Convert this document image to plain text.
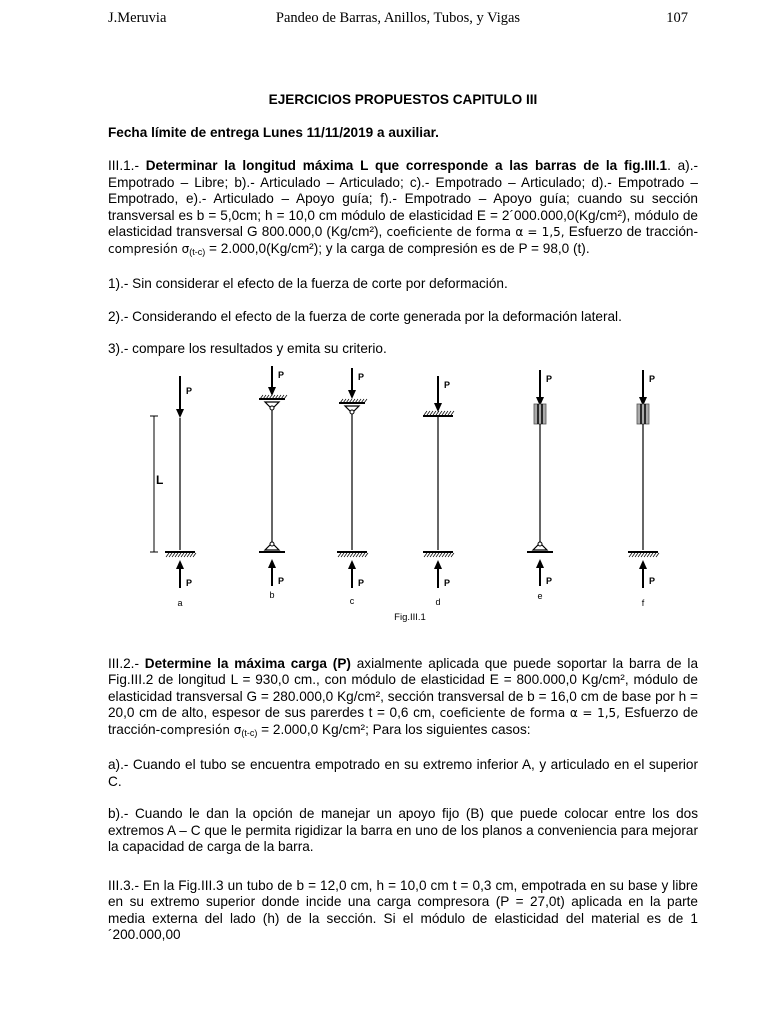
J.Meruvia	Pandeo de Barras, Anillos, Tubos, y Vigas	107

EJERCICIOS PROPUESTOS CAPITULO III

Fecha límite de entrega Lunes 11/11/2019 a auxiliar.

III.1.- Determinar la longitud máxima L que corresponde a las barras de la fig.III.1. a).- Empotrado – Libre; b).- Articulado – Articulado; c).- Empotrado – Articulado; d).- Empotrado – Empotrado, e).- Articulado – Apoyo guía; f).- Empotrado – Apoyo guía; cuando su sección transversal es b = 5,0cm; h = 10,0 cm módulo de elasticidad E = 2´000.000,0(Kg/cm²), módulo de elasticidad transversal G 800.000,0 (Kg/cm²), coeficiente de forma α = 1,5, Esfuerzo de tracción-compresión $\sigma_{(t-c)} = 2.000,0(Kg/cm^2)$; y la carga de compresión es de P = 98,0 (t).

1).- Sin considerar el efecto de la fuerza de corte por deformación.

2).- Considerando el efecto de la fuerza de corte generada por la deformación lateral.

3).- compare los resultados y emita su criterio.

L
P
P
P
P
P
P
P
P
P
P
P
P
a
b
c	d
e
f
Fig.III.1

III.2.- Determine la máxima carga (P) axialmente aplicada que puede soportar la barra de la Fig.III.2 de longitud L = 930,0 cm., con módulo de elasticidad E = 800.000,0 Kg/cm², módulo de elasticidad transversal G = 280.000,0 Kg/cm², sección transversal de b = 16,0 cm de base por h = 20,0 cm de alto, espesor de sus parerdes t = 0,6 cm, coeficiente de forma α = 1,5, Esfuerzo de tracción-compresión $\sigma_{(t-c)} = 2.000,0$ Kg/cm²; Para los siguientes casos:

a).- Cuando el tubo se encuentra empotrado en su extremo inferior A, y articulado en el superior C.

b).- Cuando le dan la opción de manejar un apoyo fijo (B) que puede colocar entre los dos extremos A – C que le permita rigidizar la barra en uno de los planos a conveniencia para mejorar la capacidad de carga de la barra.

III.3.- En la Fig.III.3 un tubo de b = 12,0 cm, h = 10,0 cm t = 0,3 cm, empotrada en su base y libre en su extremo superior donde incide una carga compresora (P = 27,0t) aplicada en la parte media externa del lado (h) de la sección. Si el módulo de elasticidad del material es de 1´200.000,00
